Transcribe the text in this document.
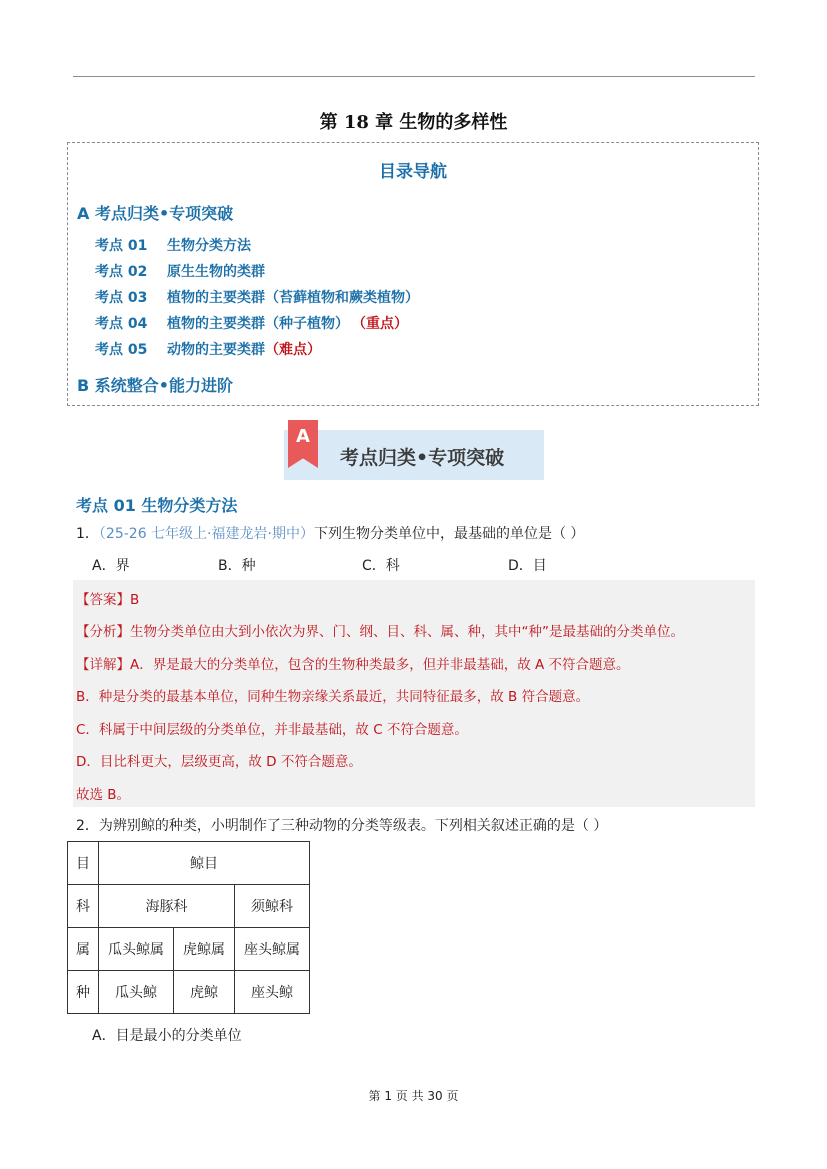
第 18 章 生物的多样性
目录导航
A 考点归类•专项突破
考点 01 生物分类方法
考点 02 原生生物的类群
考点 03 植物的主要类群（苔藓植物和蕨类植物）
考点 04 植物的主要类群（种子植物） （重点）
考点 05 动物的主要类群（难点）
B 系统整合•能力进阶
A
考点归类•专项突破
考点 01 生物分类方法
1．（25-26 七年级上·福建龙岩·期中）下列生物分类单位中，最基础的单位是（ ）
A．界	B．种	C．科	D．目
【答案】B
【分析】生物分类单位由大到小依次为界、门、纲、目、科、属、种，其中“种”是最基础的分类单位。
【详解】A．界是最大的分类单位，包含的生物种类最多，但并非最基础，故 A 不符合题意。
B．种是分类的最基本单位，同种生物亲缘关系最近，共同特征最多，故 B 符合题意。
C．科属于中间层级的分类单位，并非最基础，故 C 不符合题意。
D．目比科更大，层级更高，故 D 不符合题意。
故选 B。
2．为辨别鲸的种类，小明制作了三种动物的分类等级表。下列相关叙述正确的是（ ）
目	鲸目		
科	海豚科		须鲸科
属	瓜头鲸属	虎鲸属	座头鲸属
种	瓜头鲸	虎鲸	座头鲸
A．目是最小的分类单位
第 1 页 共 30 页
